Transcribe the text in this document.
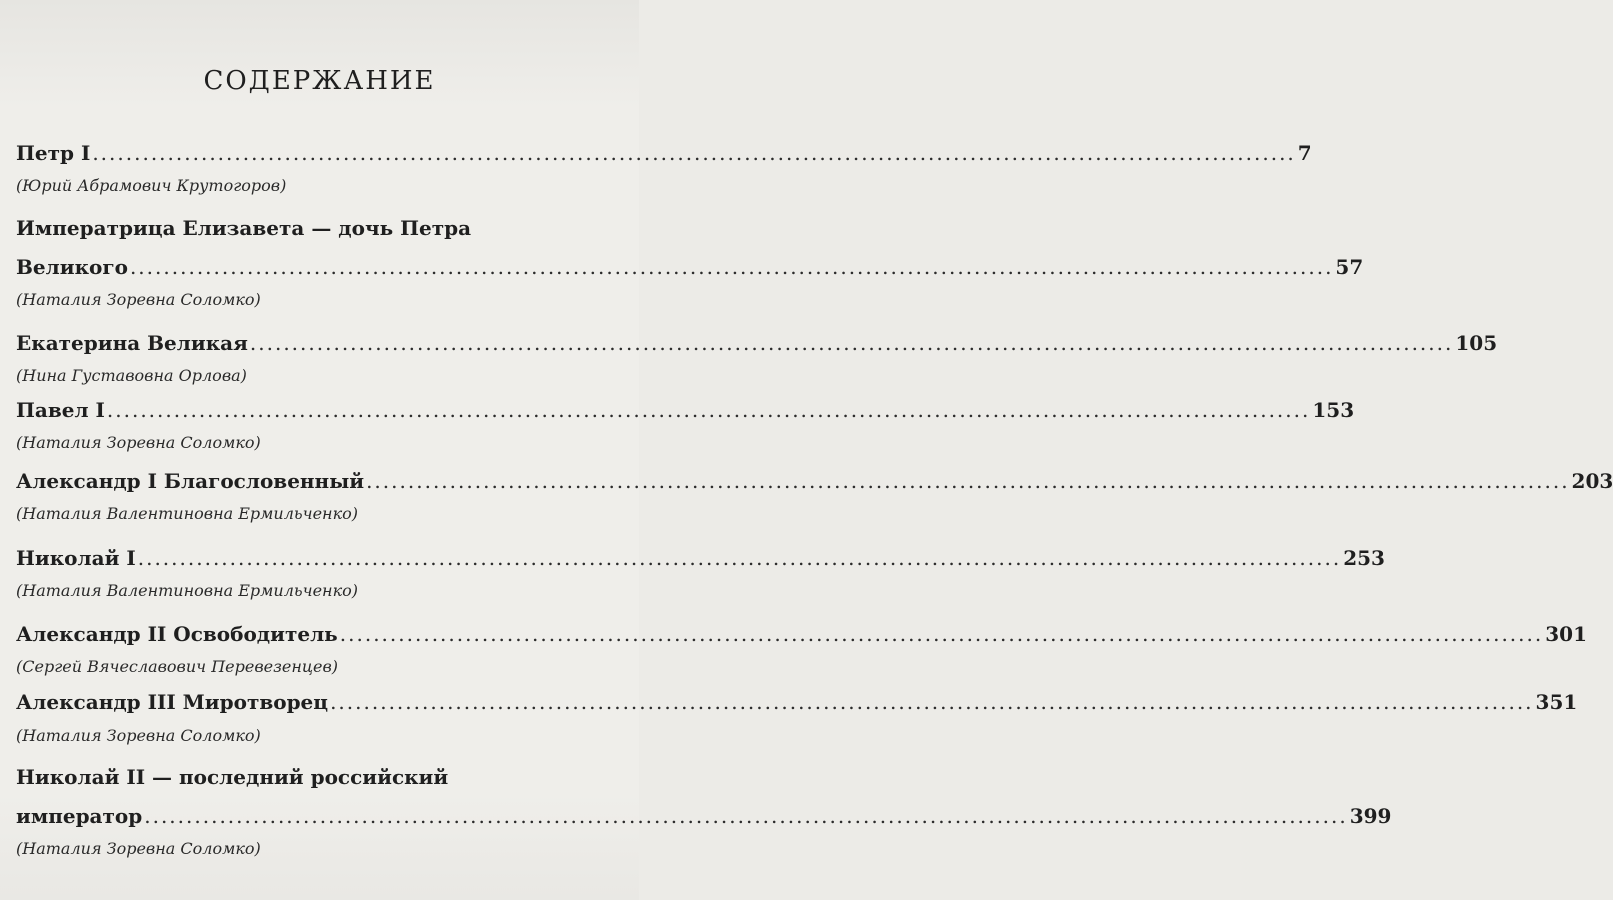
СОДЕРЖАНИЕ
Петр I ................................................................................................................................................ 7
(Юрий Абрамович Крутогоров)
Императрица Елизавета — дочь Петра
Великого ................................................................................................................................................ 57
(Наталия Зоревна Соломко)
Екатерина Великая ................................................................................................................................................ 105
(Нина Густавовна Орлова)
Павел I ................................................................................................................................................ 153
(Наталия Зоревна Соломко)
Александр I Благословенный ................................................................................................................................................ 203
(Наталия Валентиновна Ермильченко)
Николай I ................................................................................................................................................ 253
(Наталия Валентиновна Ермильченко)
Александр II Освободитель ................................................................................................................................................ 301
(Сергей Вячеславович Перевезенцев)
Александр III Миротворец ................................................................................................................................................ 351
(Наталия Зоревна Соломко)
Николай II — последний российский
император ................................................................................................................................................ 399
(Наталия Зоревна Соломко)
